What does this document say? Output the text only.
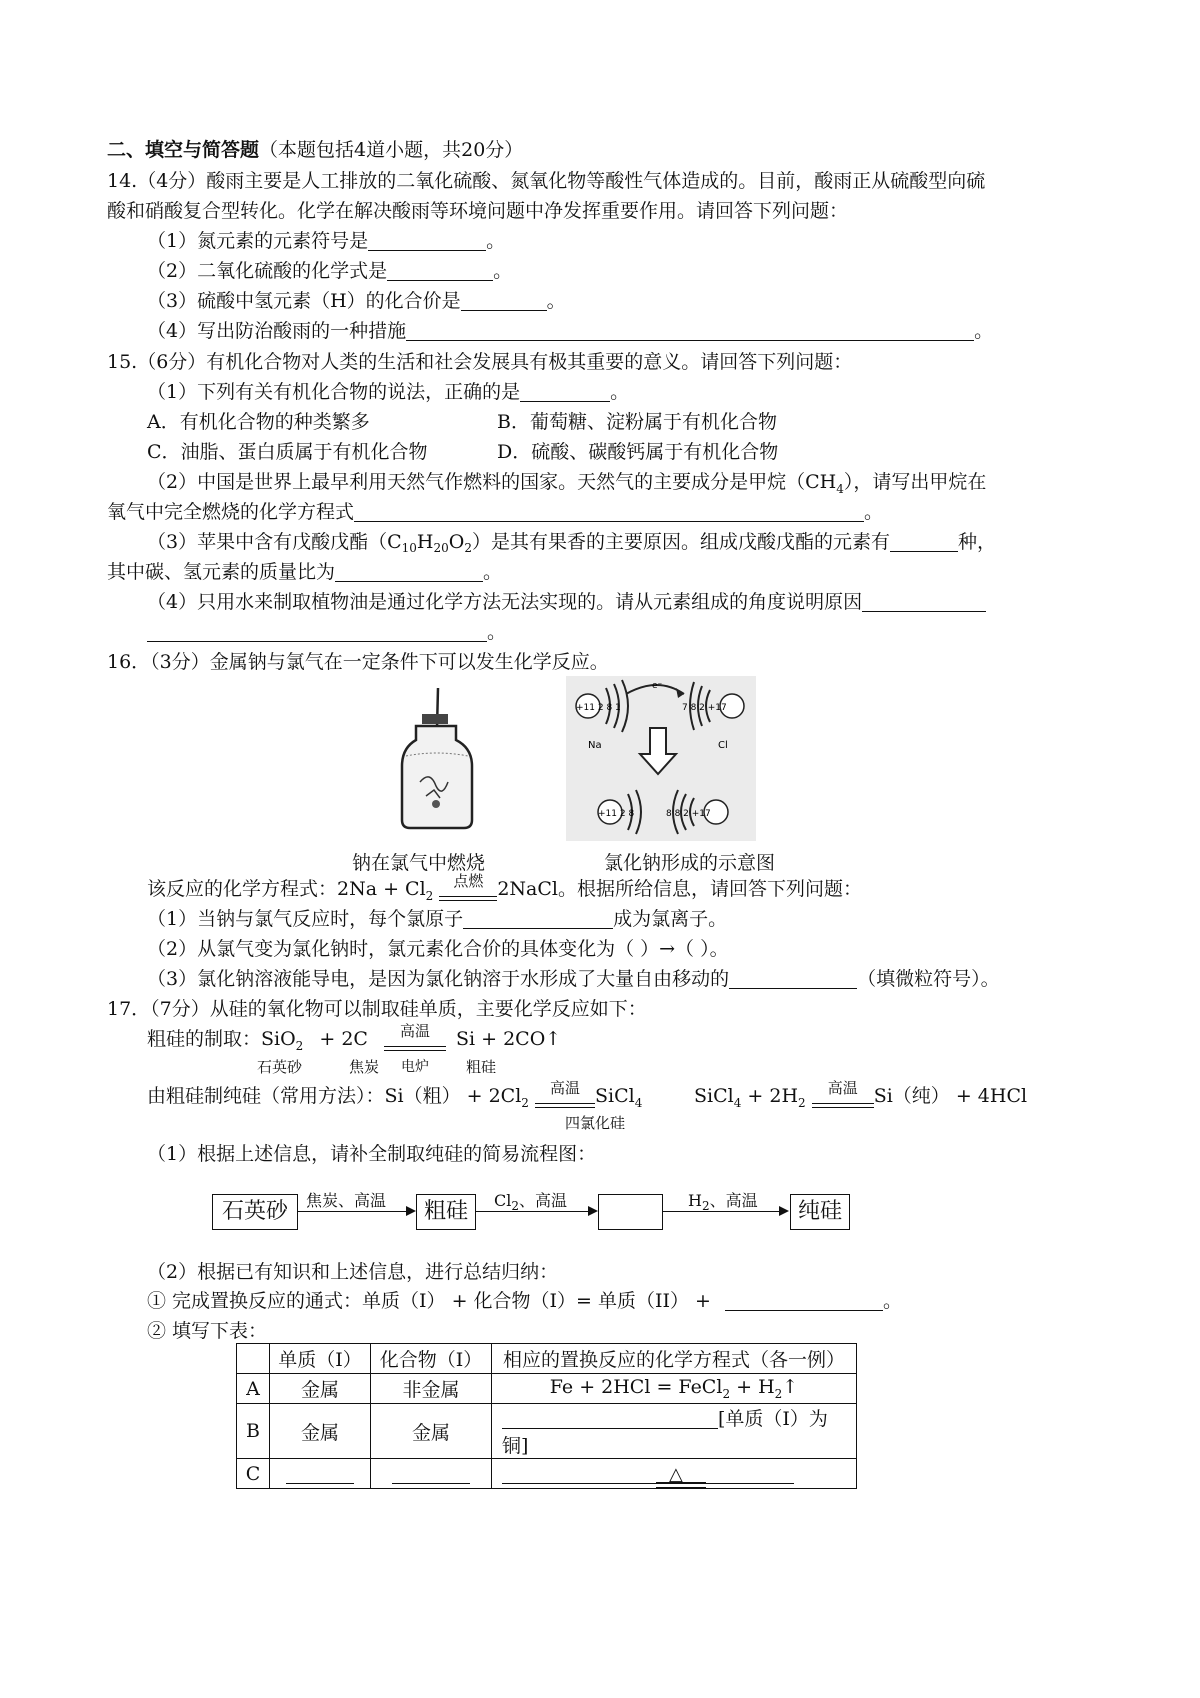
二、填空与简答题（本题包括4道小题，共20分）
14.（4分）酸雨主要是人工排放的二氧化硫酸、氮氧化物等酸性气体造成的。目前，酸雨正从硫酸型向硫
酸和硝酸复合型转化。化学在解决酸雨等环境问题中净发挥重要作用。请回答下列问题：
（1）氮元素的元素符号是	。
（2）二氧化硫酸的化学式是	。
（3）硫酸中氢元素（H）的化合价是	。
（4）写出防治酸雨的一种措施	。
15.（6分）有机化合物对人类的生活和社会发展具有极其重要的意义。请回答下列问题：
（1）下列有关有机化合物的说法，正确的是	。
A．有机化合物的种类繁多	B．葡萄糖、淀粉属于有机化合物
C．油脂、蛋白质属于有机化合物	D．硫酸、碳酸钙属于有机化合物
（2）中国是世界上最早利用天然气作燃料的国家。天然气的主要成分是甲烷$(CH_4)$，请写出甲烷在
氧气中完全燃烧的化学方程式	。
（3）苹果中含有戊酸戊酯$(C_{10}H_{20}O_2)$是其有果香的主要原因。组成戊酸戊酯的元素有	种，
其中碳、氢元素的质量比为	。
（4）只用水来制取植物油是通过化学方法无法实现的。请从元素组成的角度说明原因
。
16．（3分）金属钠与氯气在一定条件下可以发生化学反应。
钠在氯气中燃烧
+11 2 8 1
e⁻
7 8 2 +17
Na	Cl
+11 2 8	8 8 2 +17
氯化钠形成的示意图
该反应的化学方程式：$2Na + Cl_2$
点燃 2NaCl。根据所给信息，请回答下列问题：
（1）当钠与氯气反应时，每个氯原子	成为氯离子。
（2）从氯气变为氯化钠时，氯元素化合价的具体变化为（ ）→（ ）。
（3）氯化钠溶液能导电，是因为氯化钠溶于水形成了大量自由移动的	（填微粒符号）。
17．（7分）从硅的氧化物可以制取硅单质，主要化学反应如下：
粗硅的制取：SiO$_2$ + 2C	高温
电炉
Si + 2CO↑
石英砂	焦炭	粗硅
由粗硅制纯硅（常用方法）：Si（粗） + $2Cl_2$
高温 SiCl$_4$
四氯化硅
SiCl$_4$ + $2H_2$
高温 Si（纯） + 4HCl
（1）根据上述信息，请补全制取纯硅的简易流程图：
石英砂	焦炭、高温	粗硅	$Cl_2$、高温	$H_2$、高温	纯硅
（2）根据已有知识和上述信息，进行总结归纳：
① 完成置换反应的通式：单质（I） + 化合物（I）= 单质（II） +	。
② 填写下表：
	单质（I）	化合物（I）	相应的置换反应的化学方程式（各一例）
A	金属	非金属	Fe + 2HCl = FeCl$_2$ + $H_2↑$
B	金属	金属	[单质（I）为铜]
C				△
